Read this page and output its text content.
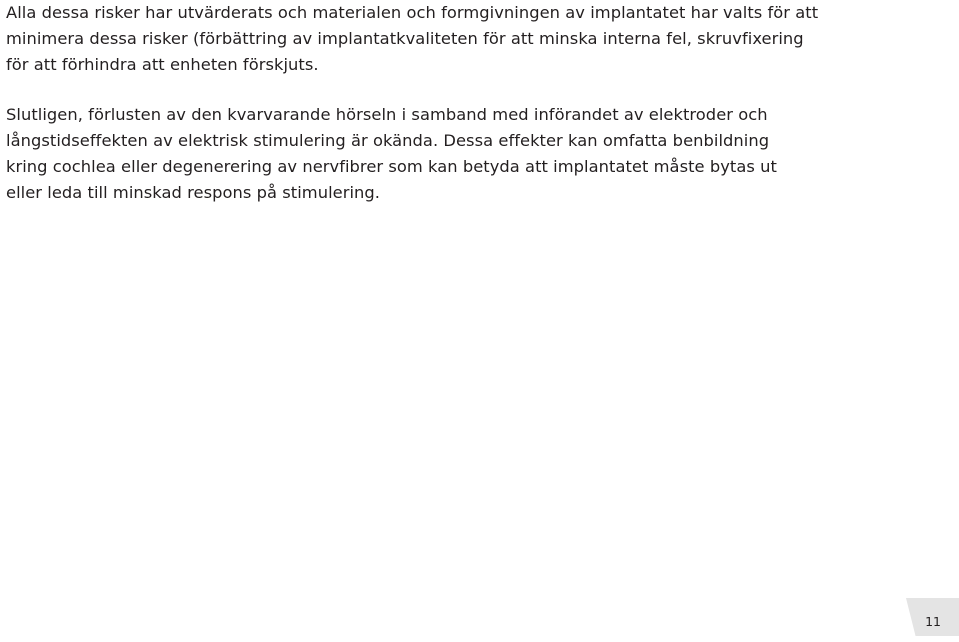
Alla dessa risker har utvärderats och materialen och formgivningen av implantatet har valts för att
minimera dessa risker (förbättring av implantatkvaliteten för att minska interna fel, skruvfixering
för att förhindra att enheten förskjuts.

Slutligen, förlusten av den kvarvarande hörseln i samband med införandet av elektroder och
långstidseffekten av elektrisk stimulering är okända. Dessa effekter kan omfatta benbildning
kring cochlea eller degenerering av nervfibrer som kan betyda att implantatet måste bytas ut
eller leda till minskad respons på stimulering.

11
